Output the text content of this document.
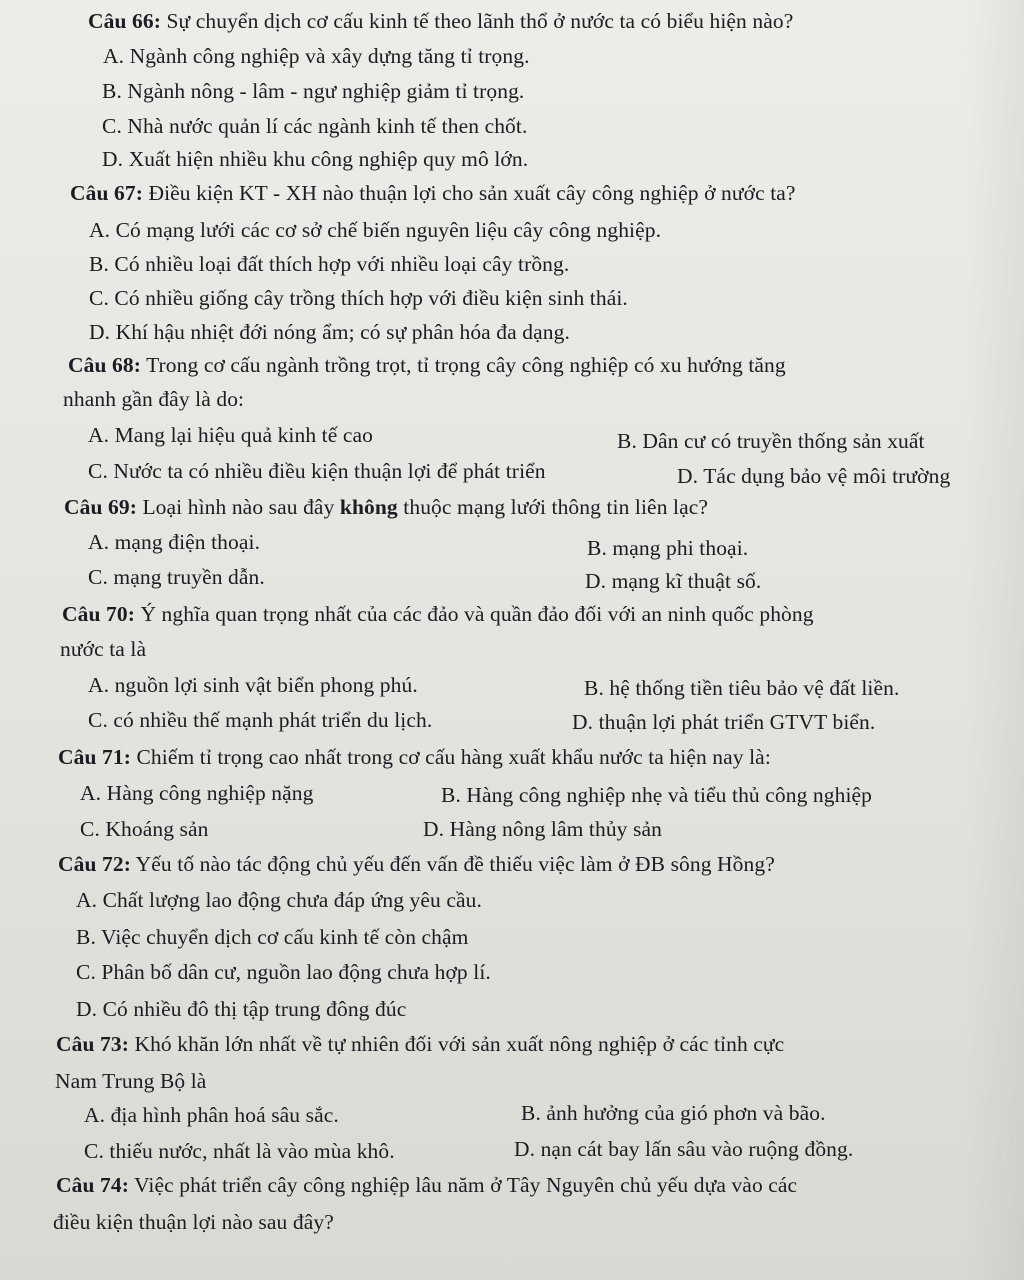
Câu 66: Sự chuyển dịch cơ cấu kinh tế theo lãnh thổ ở nước ta có biểu hiện nào?
A. Ngành công nghiệp và xây dựng tăng tỉ trọng.
B. Ngành nông - lâm - ngư nghiệp giảm tỉ trọng.
C. Nhà nước quản lí các ngành kinh tế then chốt.
D. Xuất hiện nhiều khu công nghiệp quy mô lớn.
Câu 67: Điều kiện KT - XH nào thuận lợi cho sản xuất cây công nghiệp ở nước ta?
A. Có mạng lưới các cơ sở chế biến nguyên liệu cây công nghiệp.
B. Có nhiều loại đất thích hợp với nhiều loại cây trồng.
C. Có nhiều giống cây trồng thích hợp với điều kiện sinh thái.
D. Khí hậu nhiệt đới nóng ẩm; có sự phân hóa đa dạng.
Câu 68: Trong cơ cấu ngành trồng trọt, tỉ trọng cây công nghiệp có xu hướng tăng
nhanh gần đây là do:
A. Mang lại hiệu quả kinh tế cao	B. Dân cư có truyền thống sản xuất
C. Nước ta có nhiều điều kiện thuận lợi để phát triển	D. Tác dụng bảo vệ môi trường
Câu 69: Loại hình nào sau đây không thuộc mạng lưới thông tin liên lạc?
A. mạng điện thoại.	B. mạng phi thoại.
C. mạng truyền dẫn.	D. mạng kĩ thuật số.
Câu 70: Ý nghĩa quan trọng nhất của các đảo và quần đảo đối với an ninh quốc phòng
nước ta là
A. nguồn lợi sinh vật biển phong phú.	B. hệ thống tiền tiêu bảo vệ đất liền.
C. có nhiều thế mạnh phát triển du lịch.	D. thuận lợi phát triển GTVT biển.
Câu 71: Chiếm tỉ trọng cao nhất trong cơ cấu hàng xuất khẩu nước ta hiện nay là:
A. Hàng công nghiệp nặng	B. Hàng công nghiệp nhẹ và tiểu thủ công nghiệp
C. Khoáng sản	D. Hàng nông lâm thủy sản
Câu 72: Yếu tố nào tác động chủ yếu đến vấn đề thiếu việc làm ở ĐB sông Hồng?
A. Chất lượng lao động chưa đáp ứng yêu cầu.
B. Việc chuyển dịch cơ cấu kinh tế còn chậm
C. Phân bố dân cư, nguồn lao động chưa hợp lí.
D. Có nhiều đô thị tập trung đông đúc
Câu 73: Khó khăn lớn nhất về tự nhiên đối với sản xuất nông nghiệp ở các tỉnh cực
Nam Trung Bộ là
A. địa hình phân hoá sâu sắc.	B. ảnh hưởng của gió phơn và bão.
C. thiếu nước, nhất là vào mùa khô.	D. nạn cát bay lấn sâu vào ruộng đồng.
Câu 74: Việc phát triển cây công nghiệp lâu năm ở Tây Nguyên chủ yếu dựa vào các
điều kiện thuận lợi nào sau đây?
